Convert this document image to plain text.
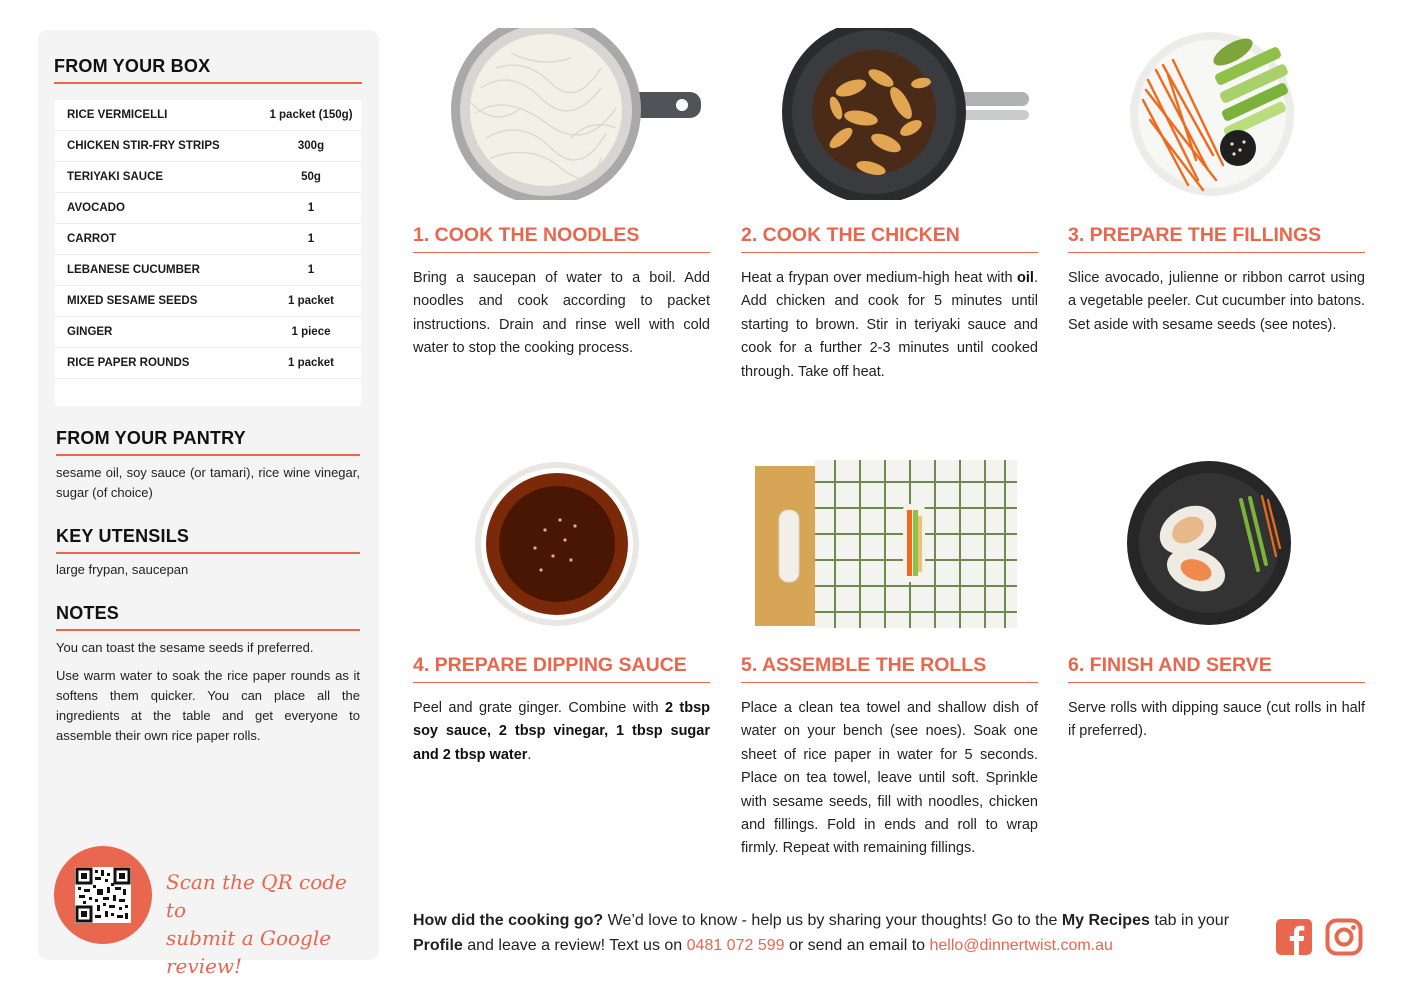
FROM YOUR BOX
RICE VERMICELLI	1 packet (150g)
CHICKEN STIR-FRY STRIPS	300g
TERIYAKI SAUCE	50g
AVOCADO	1
CARROT	1
LEBANESE CUCUMBER	1
MIXED SESAME SEEDS	1 packet
GINGER	1 piece
RICE PAPER ROUNDS	1 packet
FROM YOUR PANTRY
sesame oil, soy sauce (or tamari), rice wine vinegar, sugar (of choice)
KEY UTENSILS
large frypan, saucepan
NOTES
You can toast the sesame seeds if preferred.
Use warm water to soak the rice paper rounds as it softens them quicker. You can place all the ingredients at the table and get everyone to assemble their own rice paper rolls.
Scan the QR code to
submit a Google review!
1. COOK THE NOODLES
Bring a saucepan of water to a boil. Add noodles and cook according to packet instructions. Drain and rinse well with cold water to stop the cooking process.
2. COOK THE CHICKEN
Heat a frypan over medium-high heat with oil. Add chicken and cook for 5 minutes until starting to brown. Stir in teriyaki sauce and cook for a further 2-3 minutes until cooked through. Take off heat.
3. PREPARE THE FILLINGS
Slice avocado, julienne or ribbon carrot using a vegetable peeler. Cut cucumber into batons. Set aside with sesame seeds (see notes).
4. PREPARE DIPPING SAUCE
Peel and grate ginger. Combine with 2 tbsp soy sauce, 2 tbsp vinegar, 1 tbsp sugar and 2 tbsp water.
5. ASSEMBLE THE ROLLS
Place a clean tea towel and shallow dish of water on your bench (see noes). Soak one sheet of rice paper in water for 5 seconds. Place on tea towel, leave until soft. Sprinkle with sesame seeds, fill with noodles, chicken and fillings. Fold in ends and roll to wrap firmly. Repeat with remaining fillings.
6. FINISH AND SERVE
Serve rolls with dipping sauce (cut rolls in half if preferred).
How did the cooking go? We’d love to know - help us by sharing your thoughts! Go to the My Recipes tab in your Profile and leave a review! Text us on 0481 072 599 or send an email to hello@dinnertwist.com.au
